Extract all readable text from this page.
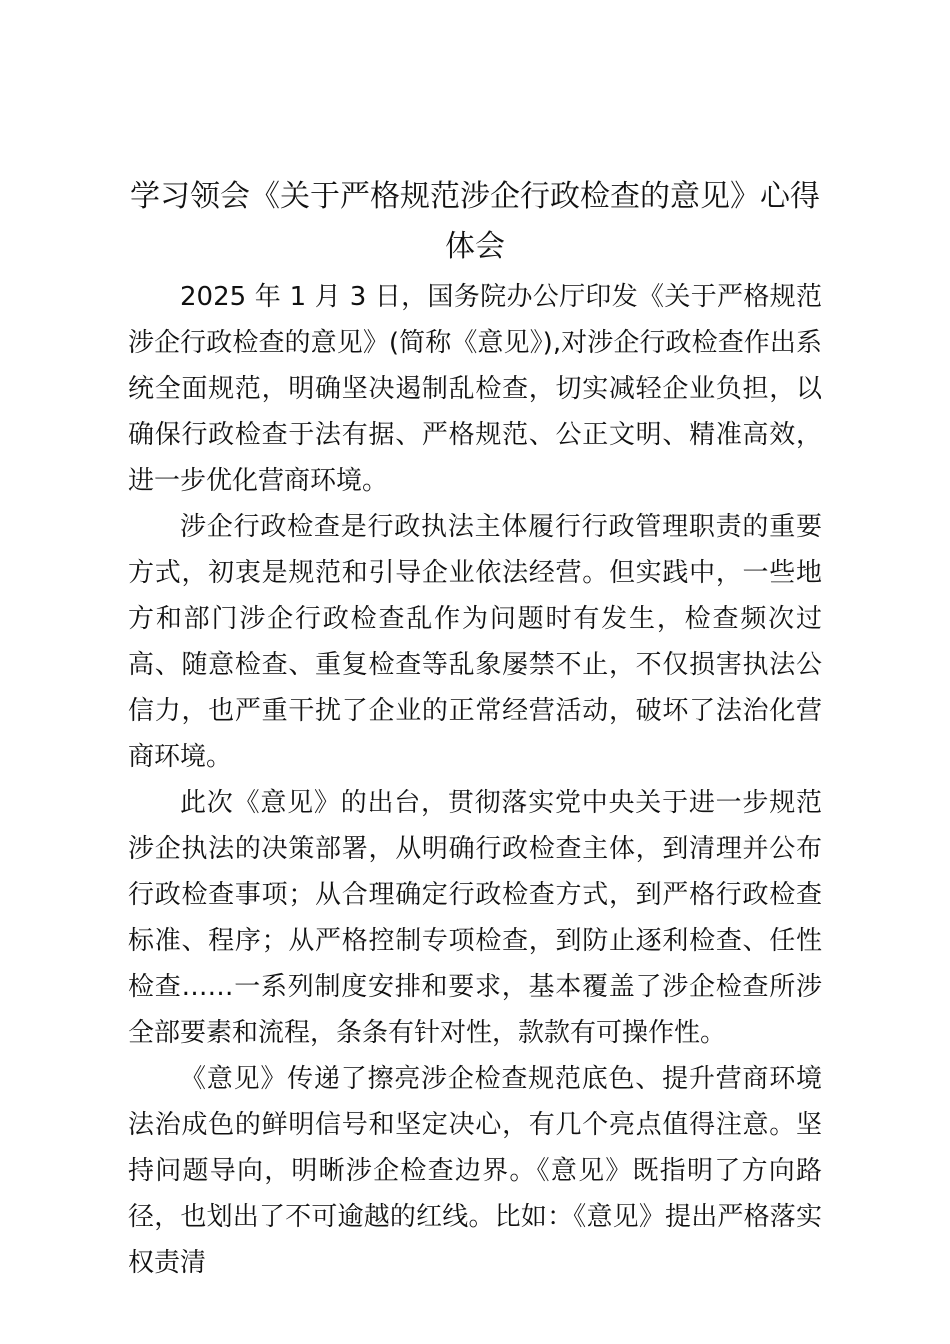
学习领会《关于严格规范涉企行政检查的意见》心得体会

2025 年 1 月 3 日，国务院办公厅印发《关于严格规范涉企行政检查的意见》(简称《意见》),对涉企行政检查作出系统全面规范，明确坚决遏制乱检查，切实减轻企业负担，以确保行政检查于法有据、严格规范、公正文明、精准高效，进一步优化营商环境。

涉企行政检查是行政执法主体履行行政管理职责的重要方式，初衷是规范和引导企业依法经营。但实践中，一些地方和部门涉企行政检查乱作为问题时有发生，检查频次过高、随意检查、重复检查等乱象屡禁不止，不仅损害执法公信力，也严重干扰了企业的正常经营活动，破坏了法治化营商环境。

此次《意见》的出台，贯彻落实党中央关于进一步规范涉企执法的决策部署，从明确行政检查主体，到清理并公布行政检查事项；从合理确定行政检查方式，到严格行政检查标准、程序；从严格控制专项检查，到防止逐利检查、任性检查……一系列制度安排和要求，基本覆盖了涉企检查所涉全部要素和流程，条条有针对性，款款有可操作性。

《意见》传递了擦亮涉企检查规范底色、提升营商环境法治成色的鲜明信号和坚定决心，有几个亮点值得注意。坚持问题导向，明晰涉企检查边界。《意见》既指明了方向路径，也划出了不可逾越的红线。比如：《意见》提出严格落实权责清
